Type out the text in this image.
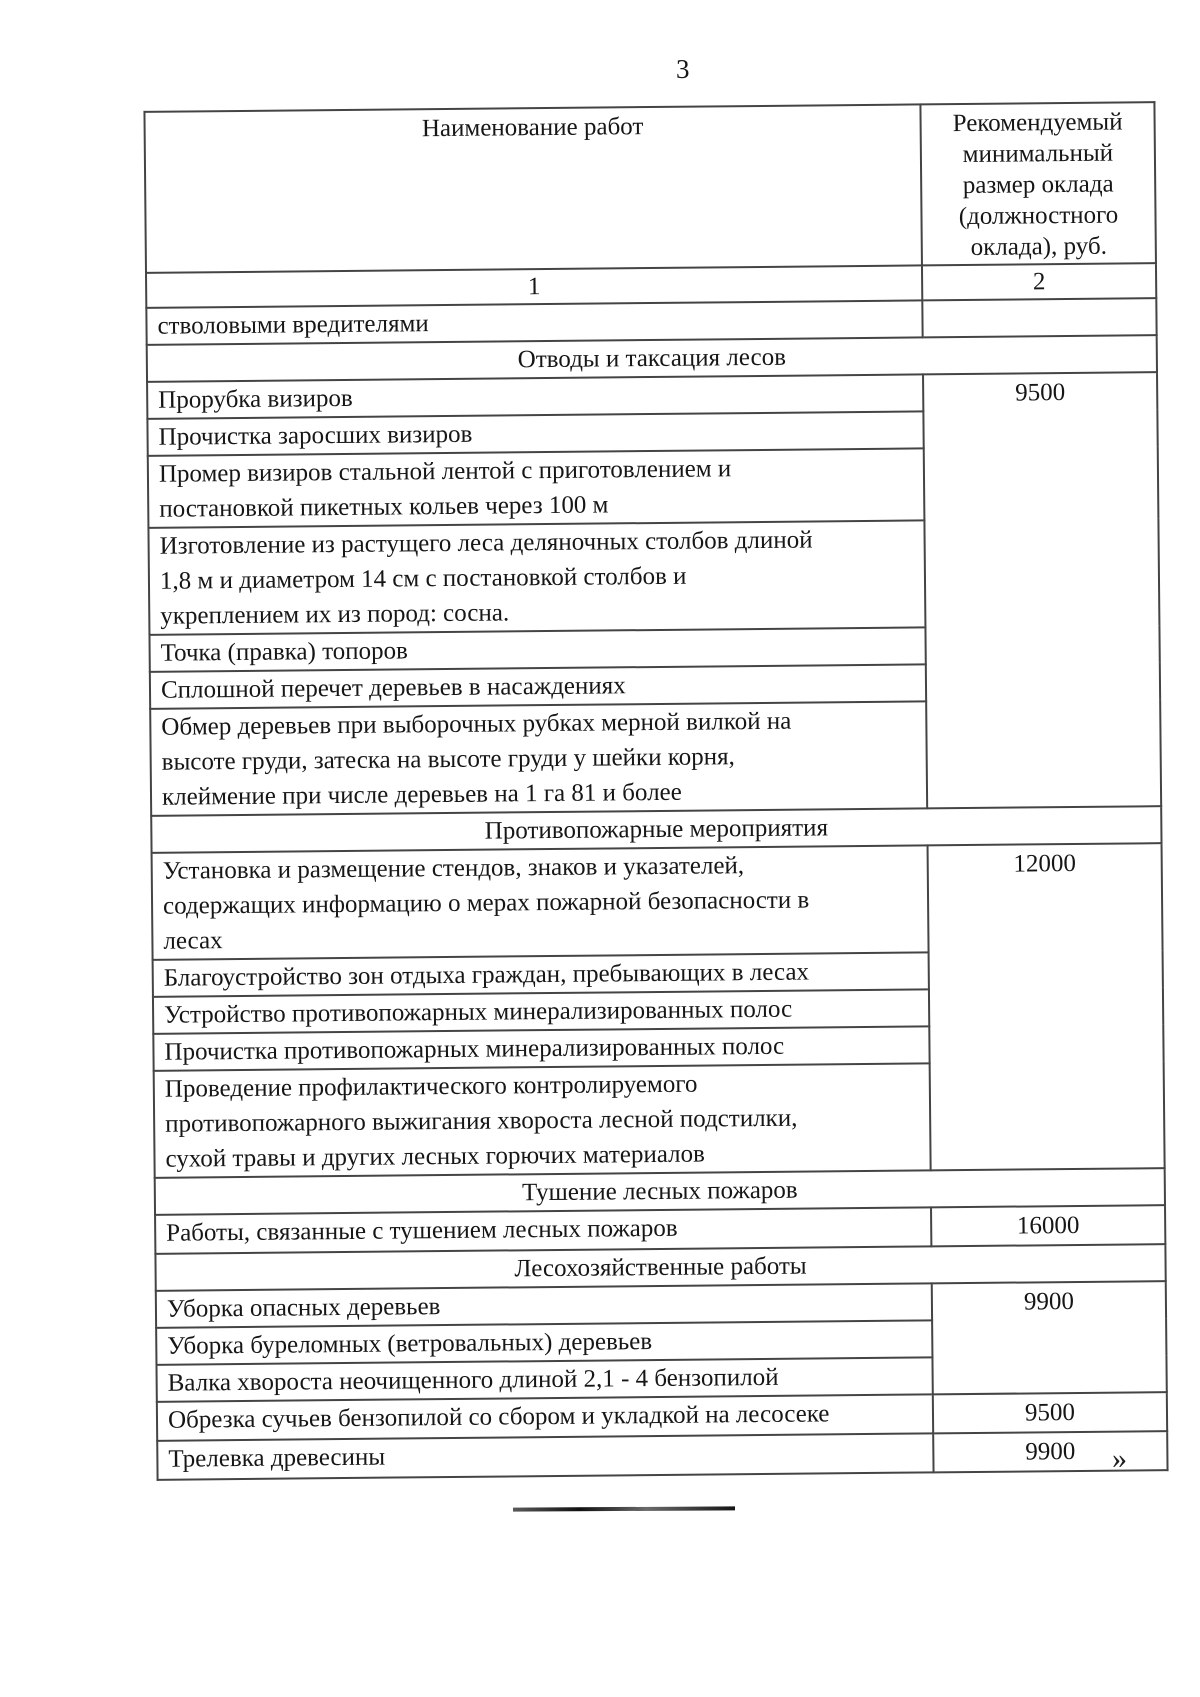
3
Наименование работ	Рекомендуемый минимальный размер оклада (должностного оклада), руб.
1	2
стволовыми вредителями	
Отводы и таксация лесов	
Прорубка визиров	9500
Прочистка заросших визиров	
Промер визиров стальной лентой с приготовлением и
постановкой пикетных кольев через 100 м	
Изготовление из растущего леса деляночных столбов длиной
1,8 м и диаметром 14 см с постановкой столбов и
укреплением их из пород: сосна.	
Точка (правка) топоров	
Сплошной перечет деревьев в насаждениях	
Обмер деревьев при выборочных рубках мерной вилкой на
высоте груди, затеска на высоте груди у шейки корня,
клеймение при числе деревьев на 1 га 81 и более	
Противопожарные мероприятия	
Установка и размещение стендов, знаков и указателей,
содержащих информацию о мерах пожарной безопасности в
лесах	12000
Благоустройство зон отдыха граждан, пребывающих в лесах	
Устройство противопожарных минерализированных полос	
Прочистка противопожарных минерализированных полос	
Проведение профилактического контролируемого
противопожарного выжигания хвороста лесной подстилки,
сухой травы и других лесных горючих материалов	
Тушение лесных пожаров	
Работы, связанные с тушением лесных пожаров	16000
Лесохозяйственные работы	
Уборка опасных деревьев	9900
Уборка буреломных (ветровальных) деревьев	
Валка хвороста неочищенного длиной 2,1 - 4 бензопилой	
Обрезка сучьев бензопилой со сбором и укладкой на лесосеке	9500
Трелевка древесины	9900 »
